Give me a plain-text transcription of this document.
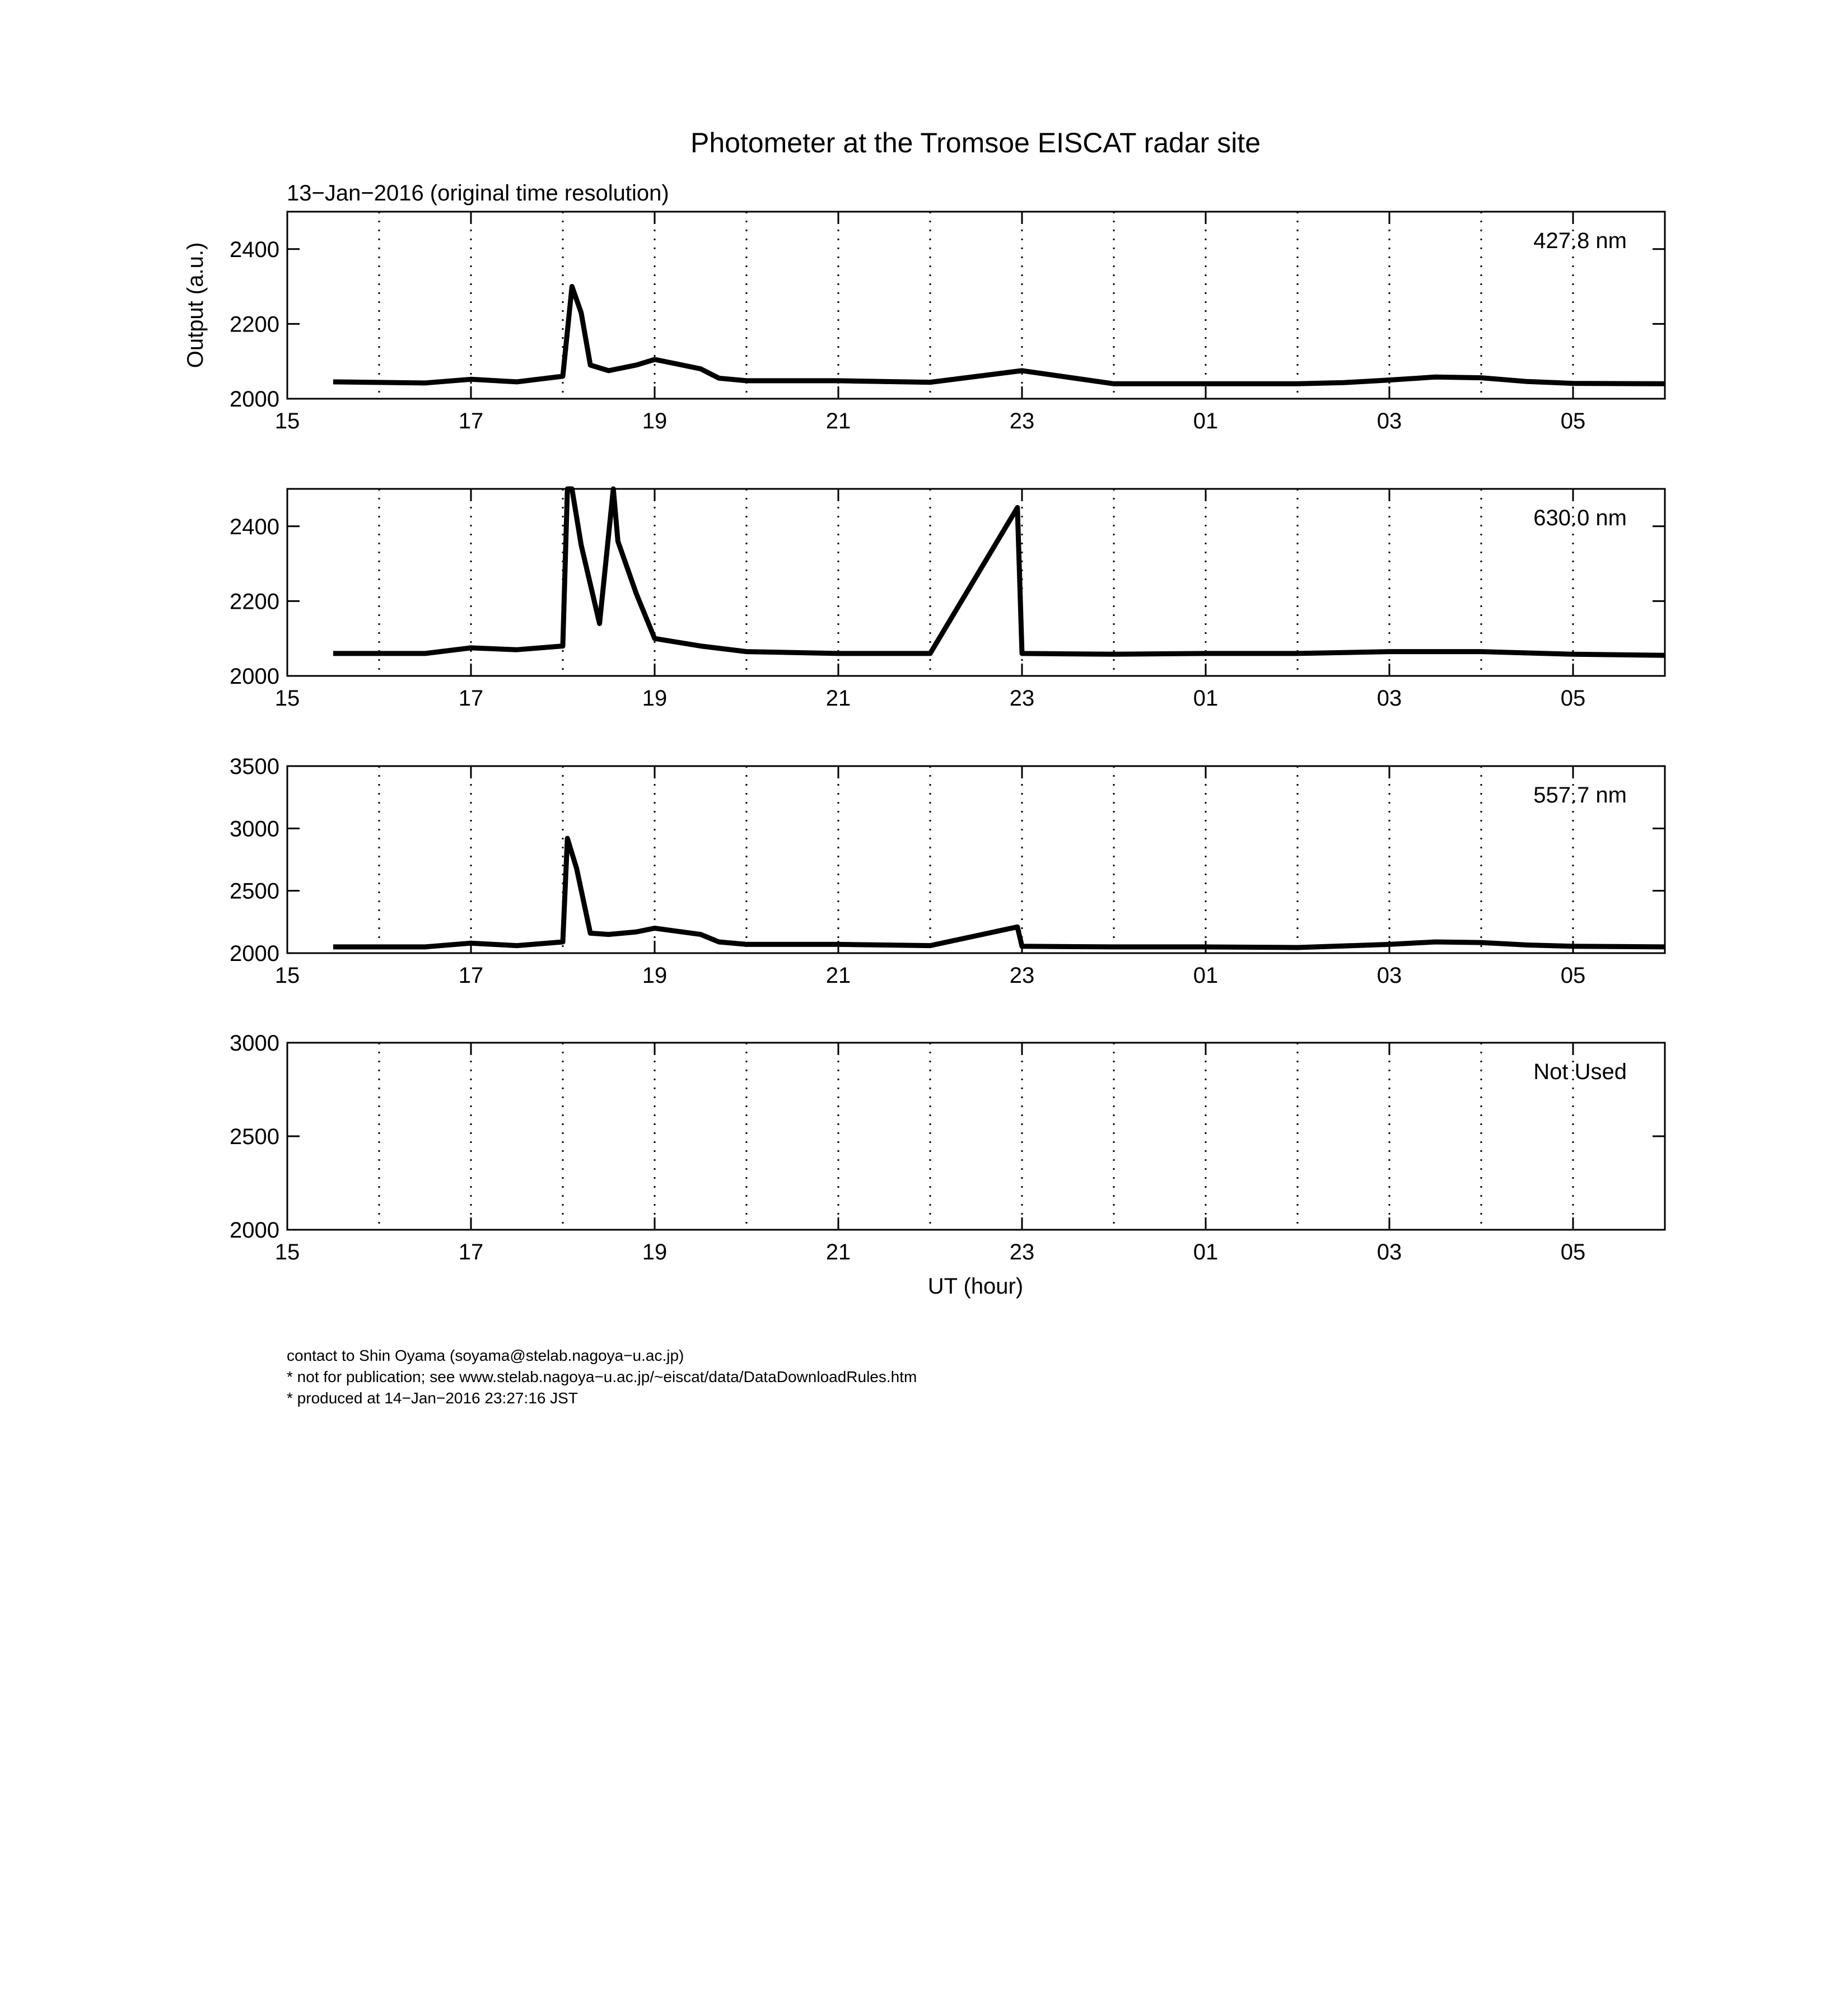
Photometer at the Tromsoe EISCAT radar site
13−Jan−2016 (original time resolution)
Output (a.u.)
UT (hour)
15	17	19	21	23	01	03	05
2000
2200
2400	427.8 nm
15	17	19	21	23	01	03	05
2000
2200
2400	630.0 nm
15	17	19	21	23	01	03	05
2000
2500
3000
3500
557.7 nm
15	17	19	21	23	01	03	05
2000
2500
3000
Not Used
contact to Shin Oyama (soyama@stelab.nagoya−u.ac.jp)
* not for publication; see www.stelab.nagoya−u.ac.jp/~eiscat/data/DataDownloadRules.htm
* produced at 14−Jan−2016 23:27:16 JST
